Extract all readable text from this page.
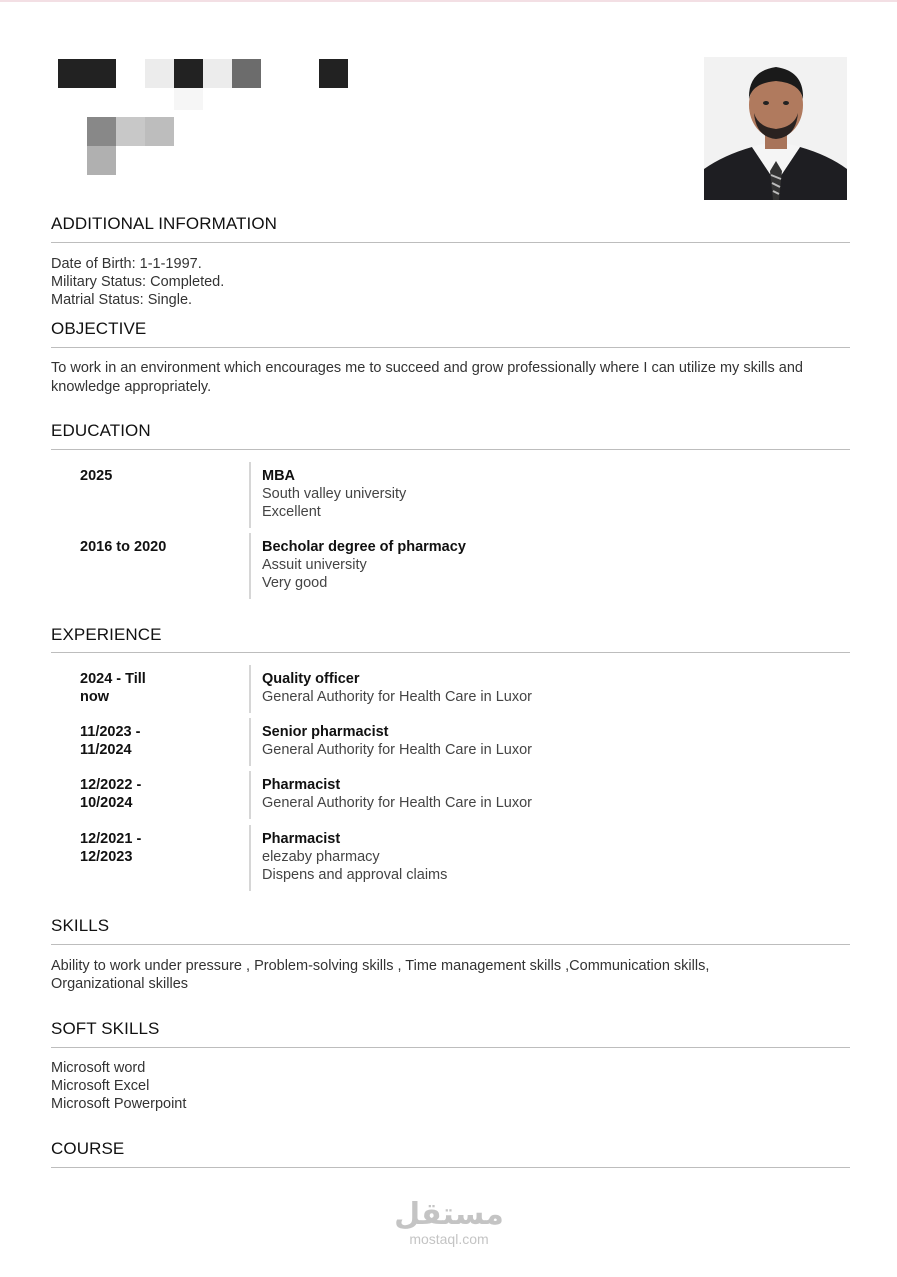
ADDITIONAL INFORMATION
Date of Birth: 1-1-1997.
Military Status: Completed.
Matrial Status: Single.
OBJECTIVE
To work in an environment which encourages me to succeed and grow professionally where I can utilize my skills and knowledge appropriately.
EDUCATION
2025	MBA
South valley university
Excellent
2016 to 2020	Becholar degree of pharmacy
Assuit university
Very good
EXPERIENCE
2024 - Till now
Quality officer
General Authority for Health Care in Luxor
11/2023 - 11/2024
Senior pharmacist
General Authority for Health Care in Luxor
12/2022 - 10/2024
Pharmacist
General Authority for Health Care in Luxor
12/2021 - 12/2023
Pharmacist
elezaby pharmacy
Dispens and approval claims
SKILLS
Ability to work under pressure , Problem-solving skills , Time management skills ,Communication skills,
Organizational skilles
SOFT SKILLS
Microsoft word
Microsoft Excel
Microsoft Powerpoint
COURSE
مستقل
mostaql.com
